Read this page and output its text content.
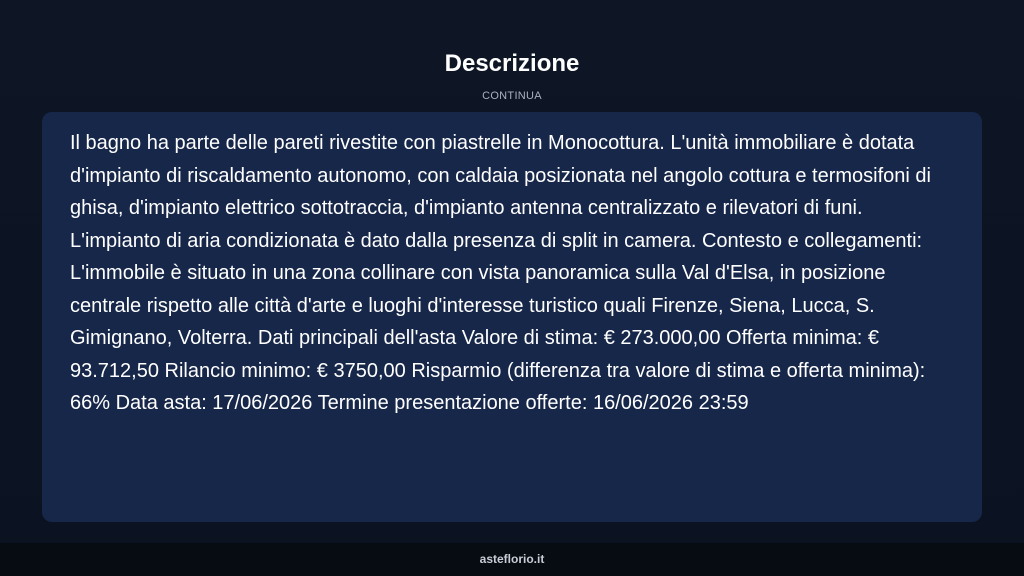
Descrizione
CONTINUA

Il bagno ha parte delle pareti rivestite con piastrelle in Monocottura. L'unità immobiliare è dotata d'impianto di riscaldamento autonomo, con caldaia posizionata nel angolo cottura e termosifoni di ghisa, d'impianto elettrico sottotraccia, d'impianto antenna centralizzato e rilevatori di funi. L'impianto di aria condizionata è dato dalla presenza di split in camera. Contesto e collegamenti: L'immobile è situato in una zona collinare con vista panoramica sulla Val d'Elsa, in posizione centrale rispetto alle città d'arte e luoghi d'interesse turistico quali Firenze, Siena, Lucca, S. Gimignano, Volterra. Dati principali dell'asta Valore di stima: € 273.000,00 Offerta minima: € 93.712,50 Rilancio minimo: € 3750,00 Risparmio (differenza tra valore di stima e offerta minima): 66% Data asta: 17/06/2026 Termine presentazione offerte: 16/06/2026 23:59

asteflorio.it
